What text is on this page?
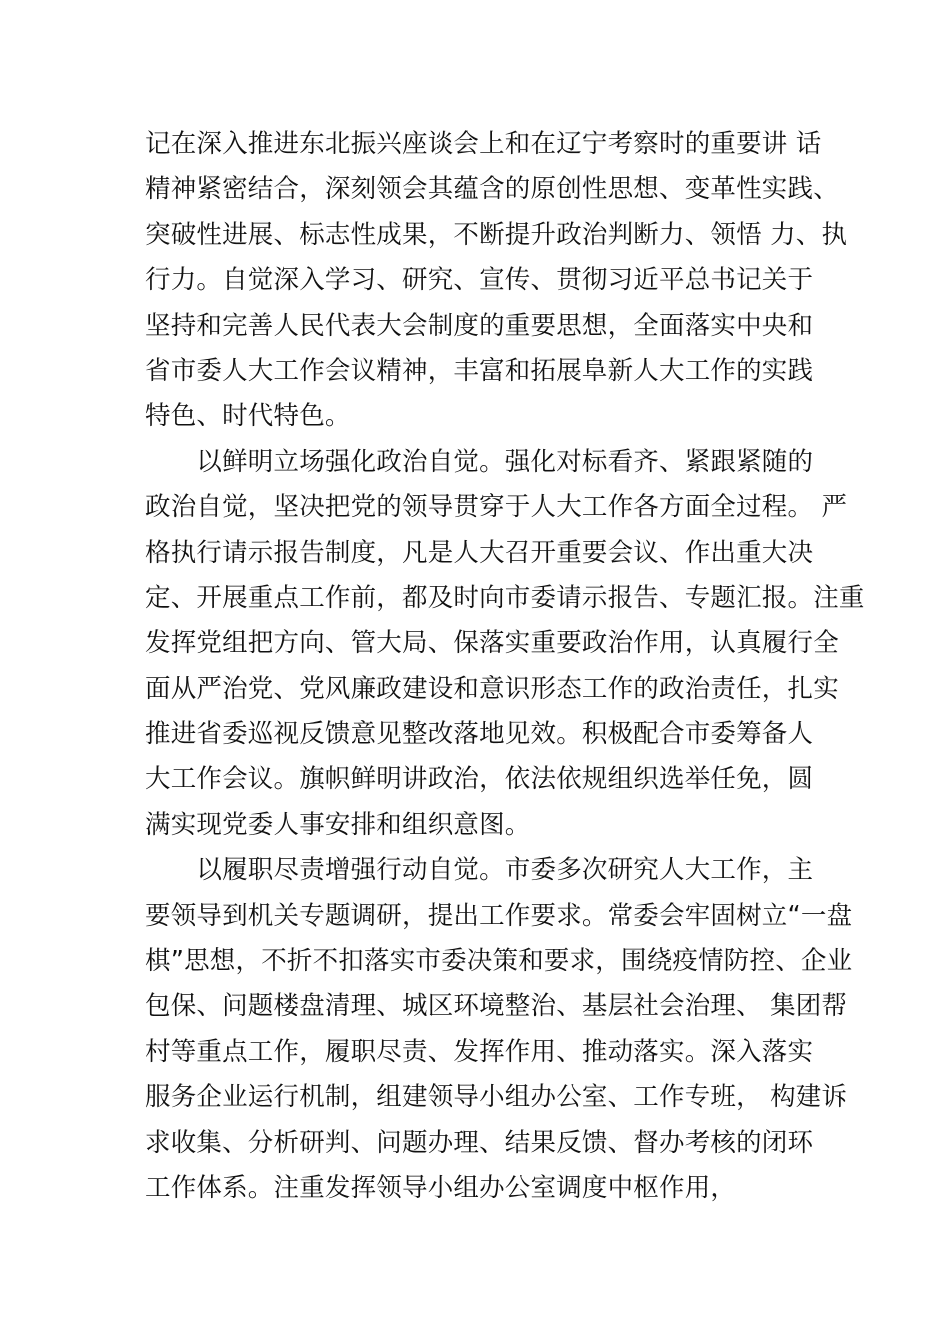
记在深入推进东北振兴座谈会上和在辽宁考察时的重要讲 话
精神紧密结合，深刻领会其蕴含的原创性思想、变革性实践、
突破性进展、标志性成果，不断提升政治判断力、领悟 力、执
行力。自觉深入学习、研究、宣传、贯彻习近平总书记关于
坚持和完善人民代表大会制度的重要思想，全面落实中央和
省市委人大工作会议精神，丰富和拓展阜新人大工作的实践
特色、时代特色。
　　以鲜明立场强化政治自觉。强化对标看齐、紧跟紧随的
政治自觉，坚决把党的领导贯穿于人大工作各方面全过程。 严
格执行请示报告制度，凡是人大召开重要会议、作出重大决
定、开展重点工作前，都及时向市委请示报告、专题汇报。注重
发挥党组把方向、管大局、保落实重要政治作用，认真履行全
面从严治党、党风廉政建设和意识形态工作的政治责任，扎实
推进省委巡视反馈意见整改落地见效。积极配合市委筹备人
大工作会议。旗帜鲜明讲政治，依法依规组织选举任免，圆
满实现党委人事安排和组织意图。
　　以履职尽责增强行动自觉。市委多次研究人大工作，主
要领导到机关专题调研，提出工作要求。常委会牢固树立“一盘
棋”思想，不折不扣落实市委决策和要求，围绕疫情防控、企业
包保、问题楼盘清理、城区环境整治、基层社会治理、 集团帮
村等重点工作，履职尽责、发挥作用、推动落实。深入落实
服务企业运行机制，组建领导小组办公室、工作专班， 构建诉
求收集、分析研判、问题办理、结果反馈、督办考核的闭环
工作体系。注重发挥领导小组办公室调度中枢作用，
